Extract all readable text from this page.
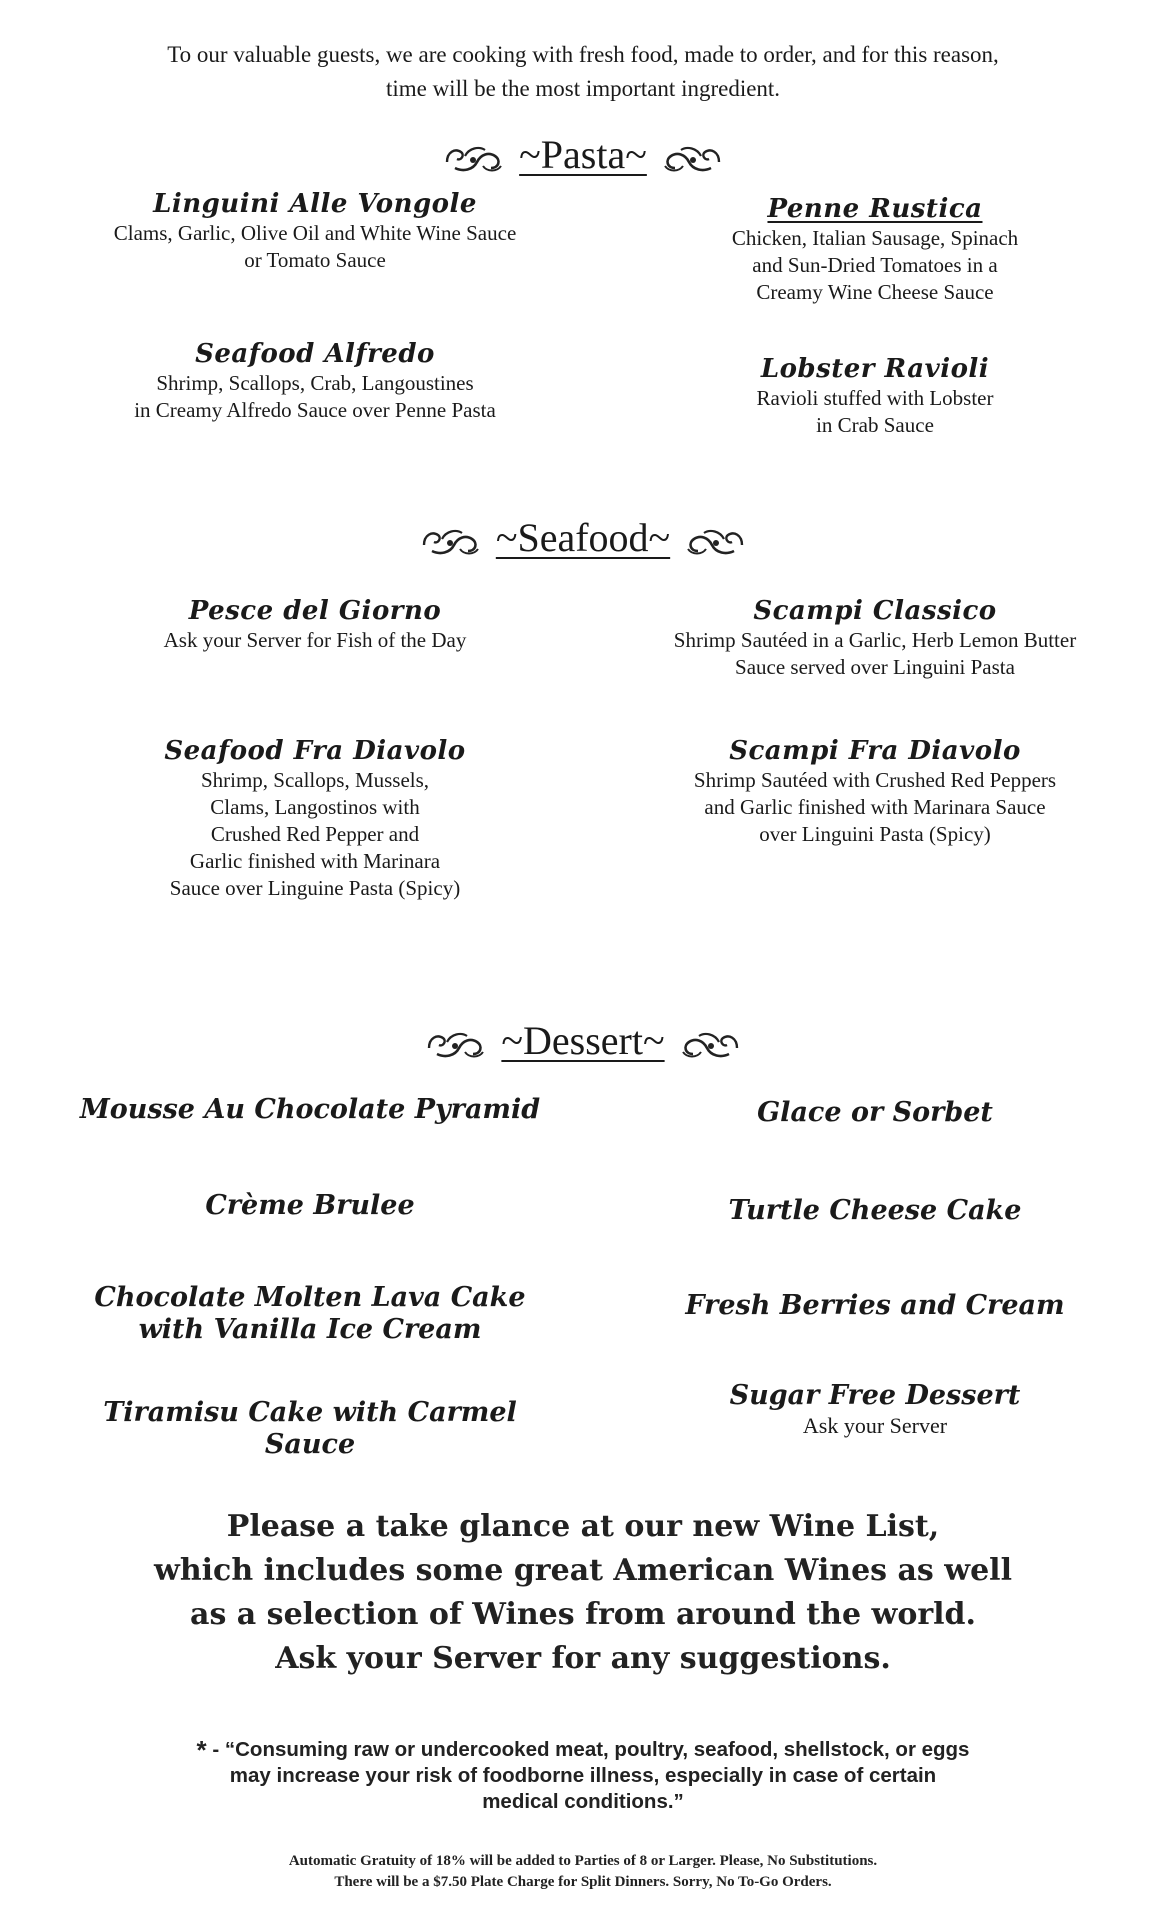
To our valuable guests, we are cooking with fresh food, made to order, and for this reason,
time will be the most important ingredient.
~Pasta~
Linguini Alle Vongole
Clams, Garlic, Olive Oil and White Wine Sauce
or Tomato Sauce
Penne Rustica
Chicken, Italian Sausage, Spinach
and Sun-Dried Tomatoes in a
Creamy Wine Cheese Sauce
Seafood Alfredo
Shrimp, Scallops, Crab, Langoustines
in Creamy Alfredo Sauce over Penne Pasta
Lobster Ravioli
Ravioli stuffed with Lobster
in Crab Sauce
~Seafood~
Pesce del Giorno
Ask your Server for Fish of the Day
Scampi Classico
Shrimp Sautéed in a Garlic, Herb Lemon Butter
Sauce served over Linguini Pasta
Seafood Fra Diavolo
Shrimp, Scallops, Mussels,
Clams, Langostinos with
Crushed Red Pepper and
Garlic finished with Marinara
Sauce over Linguine Pasta (Spicy)
Scampi Fra Diavolo
Shrimp Sautéed with Crushed Red Peppers
and Garlic finished with Marinara Sauce
over Linguini Pasta (Spicy)
~Dessert~
Mousse Au Chocolate Pyramid
Crème Brulee
Chocolate Molten Lava Cake
with Vanilla Ice Cream
Tiramisu Cake with Carmel Sauce
Glace or Sorbet
Turtle Cheese Cake
Fresh Berries and Cream
Sugar Free Dessert
Ask your Server
Please a take glance at our new Wine List,
which includes some great American Wines as well
as a selection of Wines from around the world.
Ask your Server for any suggestions.
* - “Consuming raw or undercooked meat, poultry, seafood, shellstock, or eggs
may increase your risk of foodborne illness, especially in case of certain
medical conditions.”
Automatic Gratuity of 18% will be added to Parties of 8 or Larger. Please, No Substitutions.
There will be a $7.50 Plate Charge for Split Dinners. Sorry, No To-Go Orders.
